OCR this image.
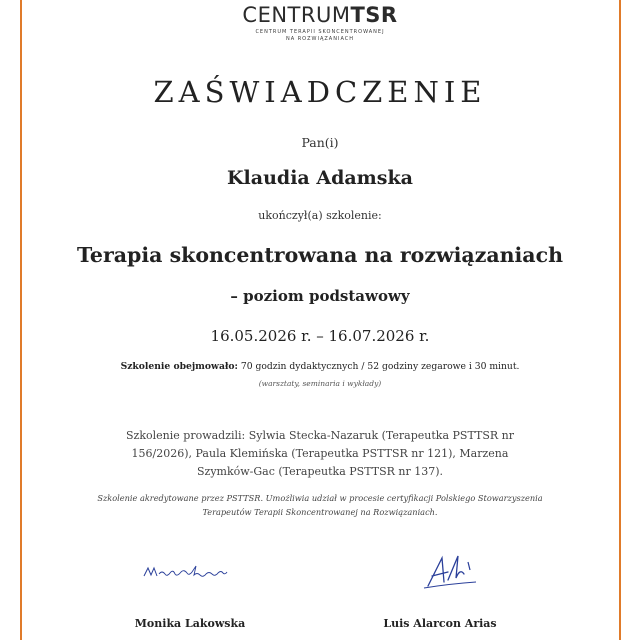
CENTRUMTSR
CENTRUM TERAPII SKONCENTROWANEJ
NA ROZWIĄZANIACH
ZAŚWIADCZENIE
Pan(i)
Klaudia Adamska
ukończył(a) szkolenie:
Terapia skoncentrowana na rozwiązaniach
– poziom podstawowy
16.05.2026 r. – 16.07.2026 r.
Szkolenie obejmowało: 70 godzin dydaktycznych / 52 godziny zegarowe i 30 minut.
(warsztaty, seminaria i wykłady)
Szkolenie prowadzili: Sylwia Stecka-Nazaruk (Terapeutka PSTTSR nr 156/2026), Paula Klemińska (Terapeutka PSTTSR nr 121), Marzena Szymków-Gac (Terapeutka PSTTSR nr 137).
Szkolenie akredytowane przez PSTTSR. Umożliwia udział w procesie certyfikacji Polskiego Stowarzyszenia Terapeutów Terapii Skoncentrowanej na Rozwiązaniach.
Monika Lakowska	Luis Alarcon Arias
